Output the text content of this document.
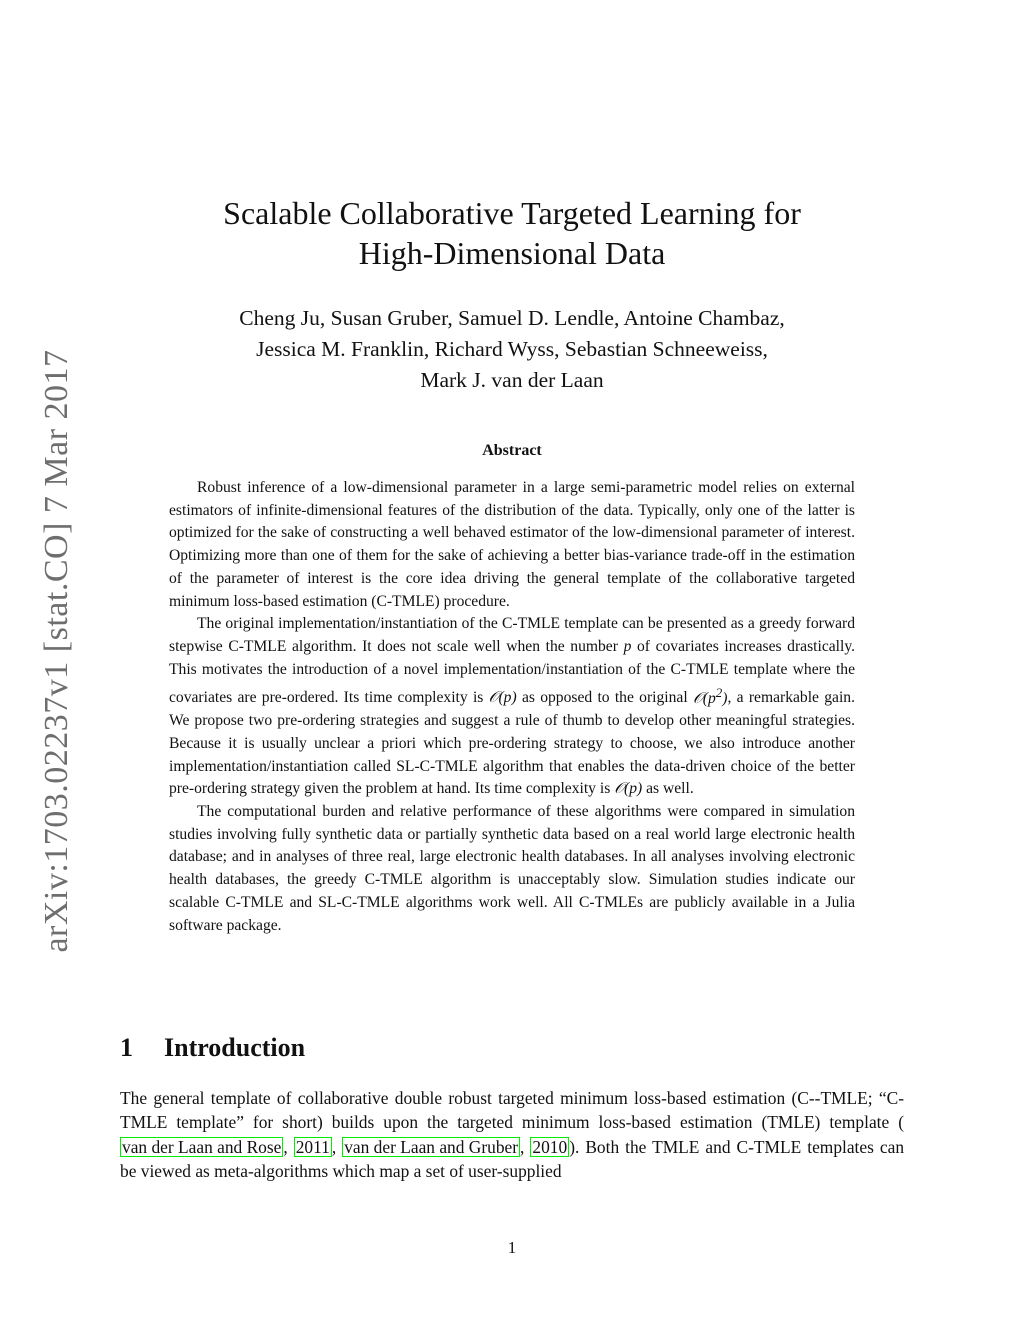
arXiv:1703.02237v1 [stat.CO] 7 Mar 2017
Scalable Collaborative Targeted Learning for
High-Dimensional Data
Cheng Ju, Susan Gruber, Samuel D. Lendle, Antoine Chambaz,
Jessica M. Franklin, Richard Wyss, Sebastian Schneeweiss,
Mark J. van der Laan
Abstract

Robust inference of a low-dimensional parameter in a large semi-parametric model relies on external estimators of infinite-dimensional features of the distribution of the data. Typically, only one of the latter is optimized for the sake of constructing a well behaved estimator of the low-dimensional parameter of interest. Optimizing more than one of them for the sake of achieving a better bias-variance trade-off in the estimation of the parameter of interest is the core idea driving the general template of the collaborative targeted minimum loss-based estimation (C-TMLE) procedure.

The original implementation/instantiation of the C-TMLE template can be presented as a greedy forward stepwise C-TMLE algorithm. It does not scale well when the number p of covariates increases drastically. This motivates the introduction of a novel implementation/instantiation of the C-TMLE template where the covariates are pre-ordered. Its time complexity is 𝒪(p) as opposed to the original $𝒪(p^2)$, a remarkable gain. We propose two pre-ordering strategies and suggest a rule of thumb to develop other meaningful strategies. Because it is usually unclear a priori which pre-ordering strategy to choose, we also introduce another implementation/instantiation called SL-C-TMLE algorithm that enables the data-driven choice of the better pre-ordering strategy given the problem at hand. Its time complexity is 𝒪(p) as well.

The computational burden and relative performance of these algorithms were compared in simulation studies involving fully synthetic data or partially synthetic data based on a real world large electronic health database; and in analyses of three real, large electronic health databases. In all analyses involving electronic health databases, the greedy C-TMLE algorithm is unacceptably slow. Simulation studies indicate our scalable C-TMLE and SL-C-TMLE algorithms work well. All C-TMLEs are publicly available in a Julia software package.

1 Introduction

The general template of collaborative double robust targeted minimum loss-based estimation (C--TMLE; “C-TMLE template” for short) builds upon the targeted minimum loss-based estimation (TMLE) template (van der Laan and Rose , 2011 , van der Laan and Gruber , 2010 ). Both the TMLE and C-TMLE templates can be viewed as meta-algorithms which map a set of user-supplied

1
